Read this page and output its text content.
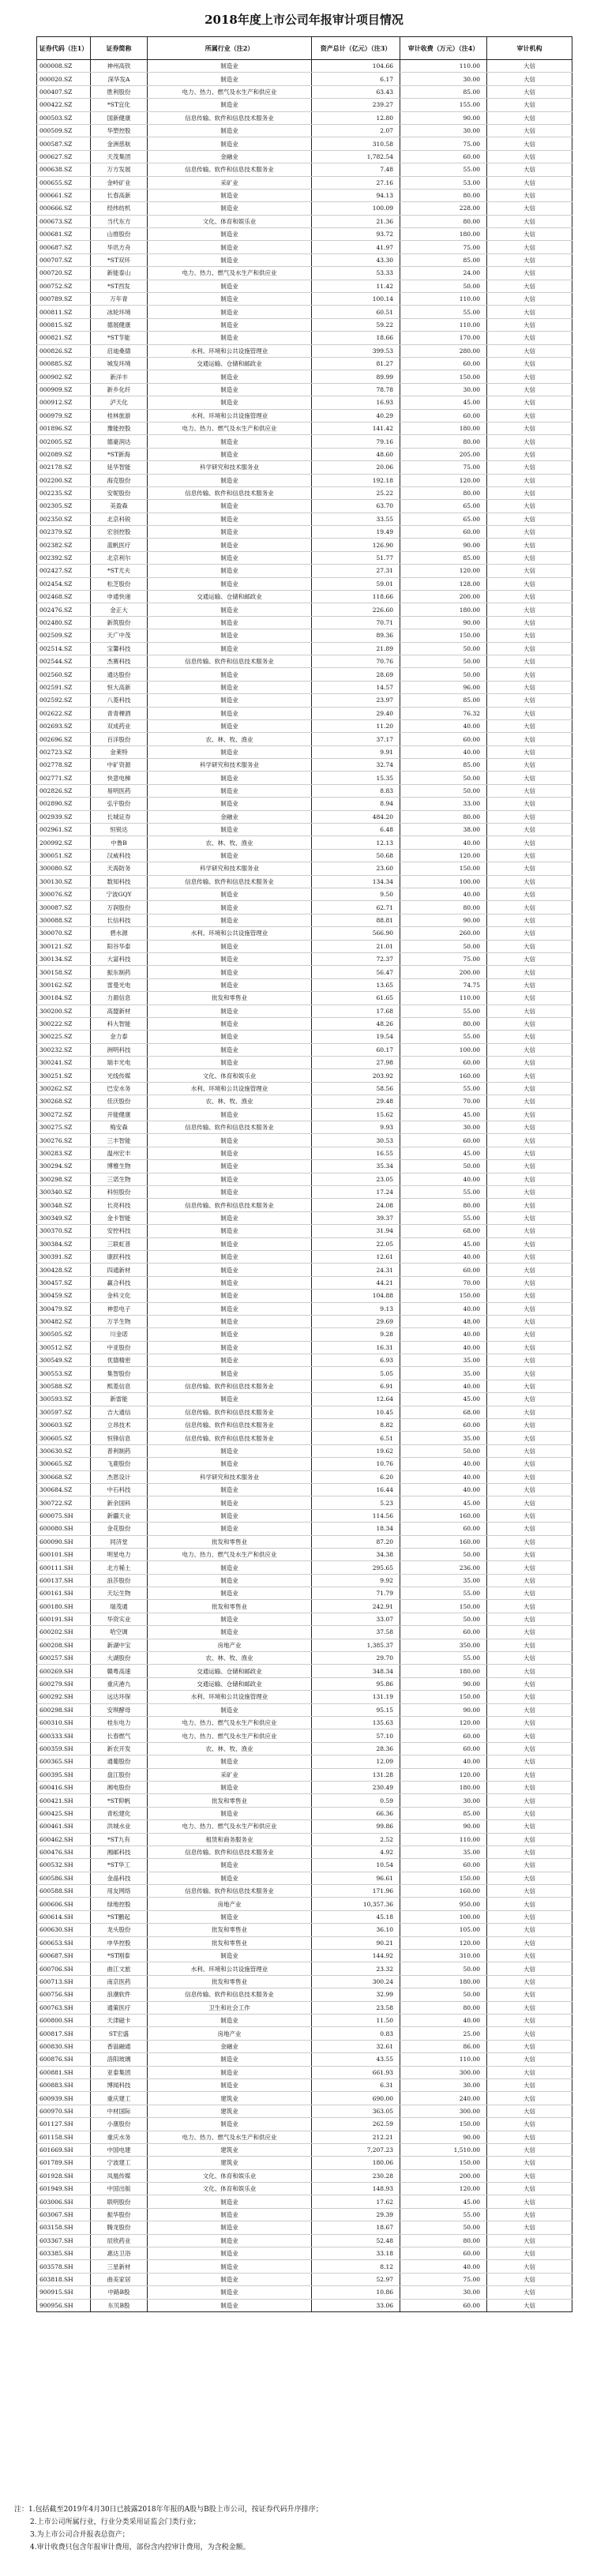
2018年度上市公司年报审计项目情况
证券代码（注1）	证券简称	所属行业（注2）	资产总计（亿元）（注3）	审计收费（万元）（注4）	审计机构
000008.SZ	神州高铁	制造业	104.66	110.00	大信
000020.SZ	深华发A	制造业	6.17	30.00	大信
000407.SZ	胜利股份	电力、热力、燃气及水生产和供应业	63.43	85.00	大信
000422.SZ	*ST宜化	制造业	239.27	155.00	大信
000503.SZ	国新健康	信息传输、软件和信息技术服务业	12.80	90.00	大信
000509.SZ	华塑控股	制造业	2.07	30.00	大信
000587.SZ	金洲慈航	制造业	310.58	75.00	大信
000627.SZ	天茂集团	金融业	1,782.54	60.00	大信
000638.SZ	万方发展	信息传输、软件和信息技术服务业	7.48	55.00	大信
000655.SZ	金岭矿业	采矿业	27.16	53.00	大信
000661.SZ	长春高新	制造业	94.13	80.00	大信
000666.SZ	经纬纺机	制造业	100.09	228.00	大信
000673.SZ	当代东方	文化、体育和娱乐业	21.36	80.00	大信
000681.SZ	山推股份	制造业	93.72	180.00	大信
000687.SZ	华讯方舟	制造业	41.97	75.00	大信
000707.SZ	*ST双环	制造业	43.30	85.00	大信
000720.SZ	新能泰山	电力、热力、燃气及水生产和供应业	53.33	24.00	大信
000752.SZ	*ST西发	制造业	11.42	50.00	大信
000789.SZ	万年青	制造业	100.14	110.00	大信
000811.SZ	冰轮环境	制造业	60.51	55.00	大信
000815.SZ	德展健康	制造业	59.22	110.00	大信
000821.SZ	*ST节能	制造业	18.66	170.00	大信
000826.SZ	启迪桑德	水利、环境和公共设施管理业	399.53	280.00	大信
000885.SZ	城发环境	交通运输、仓储和邮政业	81.27	60.00	大信
000902.SZ	新洋丰	制造业	89.99	150.00	大信
000909.SZ	新乡化纤	制造业	78.78	30.00	大信
000912.SZ	泸天化	制造业	16.93	45.00	大信
000979.SZ	桂林旅游	水利、环境和公共设施管理业	40.29	60.00	大信
001896.SZ	豫能控股	电力、热力、燃气及水生产和供应业	141.42	180.00	大信
002005.SZ	德豪润达	制造业	79.16	80.00	大信
002089.SZ	*ST新海	制造业	48.60	205.00	大信
002178.SZ	延华智能	科学研究和技术服务业	20.06	75.00	大信
002200.SZ	海克股份	制造业	192.18	120.00	大信
002235.SZ	安妮股份	信息传输、软件和信息技术服务业	25.22	80.00	大信
002305.SZ	美盈森	制造业	63.70	65.00	大信
002350.SZ	北京科锐	制造业	33.55	65.00	大信
002379.SZ	宏创控股	制造业	19.49	60.00	大信
002382.SZ	蓝帆医疗	制造业	126.90	90.00	大信
002392.SZ	北京利尔	制造业	51.77	85.00	大信
002427.SZ	*ST尤夫	制造业	27.31	120.00	大信
002454.SZ	松芝股份	制造业	59.01	128.00	大信
002468.SZ	申通快递	交通运输、仓储和邮政业	118.66	200.00	大信
002476.SZ	金正大	制造业	226.60	180.00	大信
002480.SZ	新筑股份	制造业	70.71	90.00	大信
002509.SZ	天广中茂	制造业	89.36	150.00	大信
002514.SZ	宝馨科技	制造业	21.89	50.00	大信
002544.SZ	杰赛科技	信息传输、软件和信息技术服务业	70.76	50.00	大信
002560.SZ	通达股份	制造业	28.69	50.00	大信
002591.SZ	恒大高新	制造业	14.57	96.00	大信
002592.SZ	八菱科技	制造业	23.97	85.00	大信
002622.SZ	青青稞酒	制造业	29.40	76.32	大信
002693.SZ	双成药业	制造业	11.20	40.00	大信
002696.SZ	百洋股份	农、林、牧、渔业	37.17	60.00	大信
002723.SZ	金莱特	制造业	9.91	40.00	大信
002778.SZ	中矿资源	科学研究和技术服务业	32.74	85.00	大信
002771.SZ	快意电梯	制造业	15.35	50.00	大信
002826.SZ	易明医药	制造业	8.83	50.00	大信
002890.SZ	弘宇股份	制造业	8.94	33.00	大信
002939.SZ	长城证券	金融业	484.20	80.00	大信
002961.SZ	恒锐达	制造业	6.48	38.00	大信
200992.SZ	中鲁B	农、林、牧、渔业	12.13	40.00	大信
300051.SZ	汉威科技	制造业	50.68	120.00	大信
300080.SZ	天海防务	科学研究和技术服务业	23.60	150.00	大信
300130.SZ	数知科技	信息传输、软件和信息技术服务业	134.34	100.00	大信
300076.SZ	宁波GQY	制造业	9.50	40.00	大信
300087.SZ	万润股份	制造业	62.71	80.00	大信
300088.SZ	长信科技	制造业	88.81	90.00	大信
300070.SZ	碧水源	水利、环境和公共设施管理业	566.90	260.00	大信
300121.SZ	阳谷华泰	制造业	21.01	50.00	大信
300134.SZ	大富科技	制造业	72.37	75.00	大信
300158.SZ	振东制药	制造业	56.47	200.00	大信
300162.SZ	雷曼光电	制造业	13.65	74.75	大信
300184.SZ	力源信息	批发和零售业	61.65	110.00	大信
300200.SZ	高盟新材	制造业	17.68	55.00	大信
300222.SZ	科大智能	制造业	48.26	80.00	大信
300225.SZ	金力泰	制造业	19.54	55.00	大信
300232.SZ	洲明科技	制造业	60.17	100.00	大信
300241.SZ	瑞丰光电	制造业	27.98	60.00	大信
300251.SZ	光线传媒	文化、体育和娱乐业	203.92	160.00	大信
300262.SZ	巴安水务	水利、环境和公共设施管理业	58.56	55.00	大信
300268.SZ	佳沃股份	农、林、牧、渔业	29.48	70.00	大信
300272.SZ	开能健康	制造业	15.62	45.00	大信
300275.SZ	梅安森	信息传输、软件和信息技术服务业	9.93	30.00	大信
300276.SZ	三丰智能	制造业	30.53	60.00	大信
300283.SZ	温州宏丰	制造业	16.55	45.00	大信
300294.SZ	博雅生物	制造业	35.34	50.00	大信
300298.SZ	三诺生物	制造业	23.05	40.00	大信
300340.SZ	科恒股份	制造业	17.24	55.00	大信
300348.SZ	长亮科技	信息传输、软件和信息技术服务业	24.08	80.00	大信
300349.SZ	金卡智能	制造业	39.37	55.00	大信
300370.SZ	安控科技	制造业	31.94	68.00	大信
300384.SZ	三联虹普	制造业	22.05	45.00	大信
300391.SZ	康跃科技	制造业	12.61	40.00	大信
300428.SZ	四通新材	制造业	24.31	60.00	大信
300457.SZ	赢合科技	制造业	44.21	70.00	大信
300459.SZ	金科文化	制造业	104.88	150.00	大信
300479.SZ	神思电子	制造业	9.13	40.00	大信
300482.SZ	万孚生物	制造业	29.69	48.00	大信
300505.SZ	川金诺	制造业	9.28	40.00	大信
300512.SZ	中亚股份	制造业	16.31	40.00	大信
300549.SZ	优德精密	制造业	6.93	35.00	大信
300553.SZ	集智股份	制造业	5.05	35.00	大信
300588.SZ	熙菱信息	信息传输、软件和信息技术服务业	6.91	40.00	大信
300593.SZ	新雷能	制造业	12.64	45.00	大信
300597.SZ	吉大通信	信息传输、软件和信息技术服务业	10.45	68.00	大信
300603.SZ	立昂技术	信息传输、软件和信息技术服务业	8.82	60.00	大信
300605.SZ	恒锋信息	信息传输、软件和信息技术服务业	6.51	35.00	大信
300630.SZ	普利制药	制造业	19.62	50.00	大信
300665.SZ	飞鹿股份	制造业	10.76	40.00	大信
300668.SZ	杰恩设计	科学研究和技术服务业	6.20	40.00	大信
300684.SZ	中石科技	制造业	16.44	40.00	大信
300722.SZ	新余国科	制造业	5.23	45.00	大信
600075.SH	新疆天业	制造业	114.56	160.00	大信
600080.SH	金花股份	制造业	18.34	60.00	大信
600090.SH	同济堂	批发和零售业	87.20	160.00	大信
600101.SH	明星电力	电力、热力、燃气及水生产和供应业	34.38	50.00	大信
600111.SH	北方稀土	制造业	295.65	236.00	大信
600137.SH	浪莎股份	制造业	9.92	35.00	大信
600161.SH	天坛生物	制造业	71.79	55.00	大信
600180.SH	瑞茂通	批发和零售业	242.91	150.00	大信
600191.SH	华资实业	制造业	33.07	50.00	大信
600202.SH	哈空调	制造业	37.58	60.00	大信
600208.SH	新湖中宝	房地产业	1,385.37	350.00	大信
600257.SH	大湖股份	农、林、牧、渔业	29.70	55.00	大信
600269.SH	赣粤高速	交通运输、仓储和邮政业	348.34	180.00	大信
600279.SH	重庆港九	交通运输、仓储和邮政业	95.86	90.00	大信
600292.SH	远达环保	水利、环境和公共设施管理业	131.19	150.00	大信
600298.SH	安琪酵母	制造业	95.15	90.00	大信
600310.SH	桂东电力	电力、热力、燃气及水生产和供应业	135.63	120.00	大信
600333.SH	长春燃气	电力、热力、燃气及水生产和供应业	57.10	60.00	大信
600359.SH	新农开发	农、林、牧、渔业	28.36	60.00	大信
600365.SH	通葡股份	制造业	12.09	40.00	大信
600395.SH	盘江股份	采矿业	131.28	120.00	大信
600416.SH	湘电股份	制造业	230.49	180.00	大信
600421.SH	*ST仰帆	批发和零售业	0.59	30.00	大信
600425.SH	青松建化	制造业	66.36	85.00	大信
600461.SH	洪城水业	电力、热力、燃气及水生产和供应业	99.86	90.00	大信
600462.SH	*ST九有	租赁和商务服务业	2.52	110.00	大信
600476.SH	湘邮科技	信息传输、软件和信息技术服务业	4.92	35.00	大信
600532.SH	*ST华工	制造业	10.54	60.00	大信
600586.SH	金晶科技	制造业	96.61	150.00	大信
600588.SH	用友网络	信息传输、软件和信息技术服务业	171.96	160.00	大信
600606.SH	绿地控股	房地产业	10,357.36	950.00	大信
600614.SH	*ST鹏起	制造业	45.18	100.00	大信
600630.SH	龙头股份	批发和零售业	36.10	105.00	大信
600653.SH	申华控股	批发和零售业	90.21	120.00	大信
600687.SH	*ST刚泰	制造业	144.92	310.00	大信
600706.SH	曲江文旅	水利、环境和公共设施管理业	23.32	50.00	大信
600713.SH	南京医药	批发和零售业	300.24	180.00	大信
600756.SH	浪潮软件	信息传输、软件和信息技术服务业	32.99	50.00	大信
600763.SH	通策医疗	卫生和社会工作	23.58	80.00	大信
600800.SH	天津磁卡	制造业	11.50	40.00	大信
600817.SH	ST宏盛	房地产业	0.83	25.00	大信
600830.SH	香溢融通	金融业	32.61	86.00	大信
600876.SH	洛阳玻璃	制造业	43.55	110.00	大信
600881.SH	亚泰集团	制造业	661.93	300.00	大信
600883.SH	博闻科技	制造业	6.31	30.00	大信
600939.SH	重庆建工	建筑业	690.00	240.00	大信
600970.SH	中材国际	建筑业	363.05	300.00	大信
601127.SH	小康股份	制造业	262.59	150.00	大信
601158.SH	重庆水务	电力、热力、燃气及水生产和供应业	212.21	90.00	大信
601669.SH	中国电建	建筑业	7,207.23	1,510.00	大信
601789.SH	宁波建工	建筑业	180.06	150.00	大信
601928.SH	凤凰传媒	文化、体育和娱乐业	230.28	200.00	大信
601949.SH	中国出版	文化、体育和娱乐业	148.93	120.00	大信
603006.SH	联明股份	制造业	17.62	45.00	大信
603067.SH	振华股份	制造业	29.39	55.00	大信
603158.SH	腾龙股份	制造业	18.67	50.00	大信
603367.SH	辰欣药业	制造业	52.48	80.00	大信
603385.SH	惠达卫浴	制造业	33.18	60.00	大信
603578.SH	三星新材	制造业	8.12	40.00	大信
603818.SH	曲美家居	制造业	52.97	75.00	大信
900915.SH	中路B股	制造业	10.86	30.00	大信
900956.SH	东贝B股	制造业	33.06	60.00	大信
注：1.包括截至2019年4月30日已披露2018年年报的A股与B股上市公司，按证券代码升序排序；
2.上市公司所属行业，行业分类采用证监会门类行业；
3.为上市公司合并报表总资产；
4.审计收费只包含年报审计费用，部份含内控审计费用，为含税金额。
